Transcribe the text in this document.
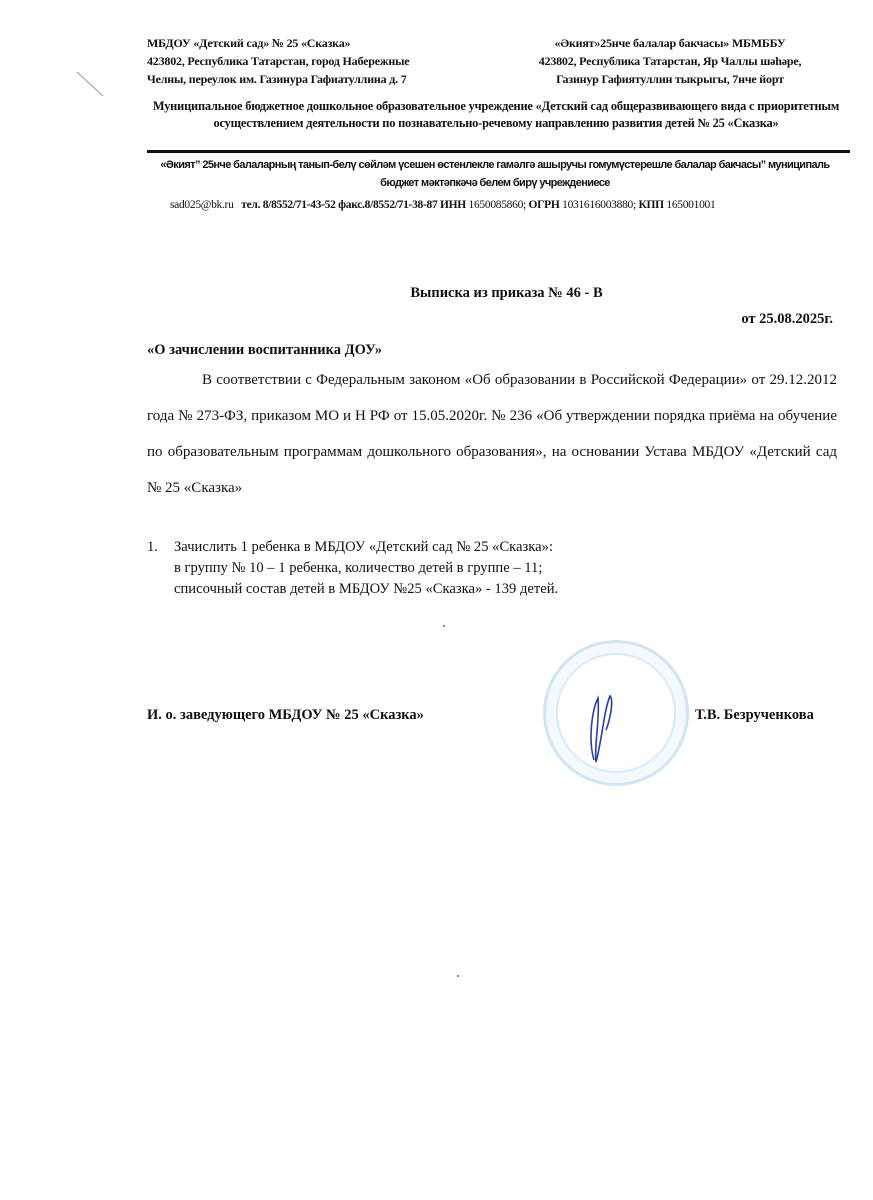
МБДОУ «Детский сад» № 25 «Сказка»
423802, Республика Татарстан, город Набережные
Челны, переулок им. Газинура Гафиатуллина д. 7
«Әкият»25нче балалар бакчасы» МБМББУ
423802, Республика Татарстан, Яр Чаллы шәһәре,
Газинур Гафиятуллин тыкрыгы, 7нче йорт
Муниципальное бюджетное дошкольное образовательное учреждение «Детский сад общеразвивающего вида с приоритетным осуществлением деятельности по познавательно-речевому направлению развития детей № 25 «Сказка»
«Әкият” 25нче балаларның танып-белү сөйләм үсешен өстенлекле гамәлгә ашыручы гомумүстерешле балалар бакчасы” муниципаль бюджет мәктәпкәчә белем бирү учреждениесе
sad025@bk.ru тел. 8/8552/71-43-52 факс.8/8552/71-38-87 ИНН 1650085860; ОГРН 1031616003880; КПП 165001001
Выписка из приказа № 46 - В
от 25.08.2025г.
«О зачислении воспитанника ДОУ»
В соответствии с Федеральным законом «Об образовании в Российской Федерации» от 29.12.2012 года № 273-ФЗ, приказом МО и Н РФ от 15.05.2020г. № 236 «Об утверждении порядка приёма на обучение по образовательным программам дошкольного образования», на основании Устава МБДОУ «Детский сад № 25 «Сказка»
1. Зачислить 1 ребенка в МБДОУ «Детский сад № 25 «Сказка»:
в группу № 10 – 1 ребенка, количество детей в группе – 11;
списочный состав детей в МБДОУ №25 «Сказка» - 139 детей.
И. о. заведующего МБДОУ № 25 «Сказка»	Т.В. Безрученкова
